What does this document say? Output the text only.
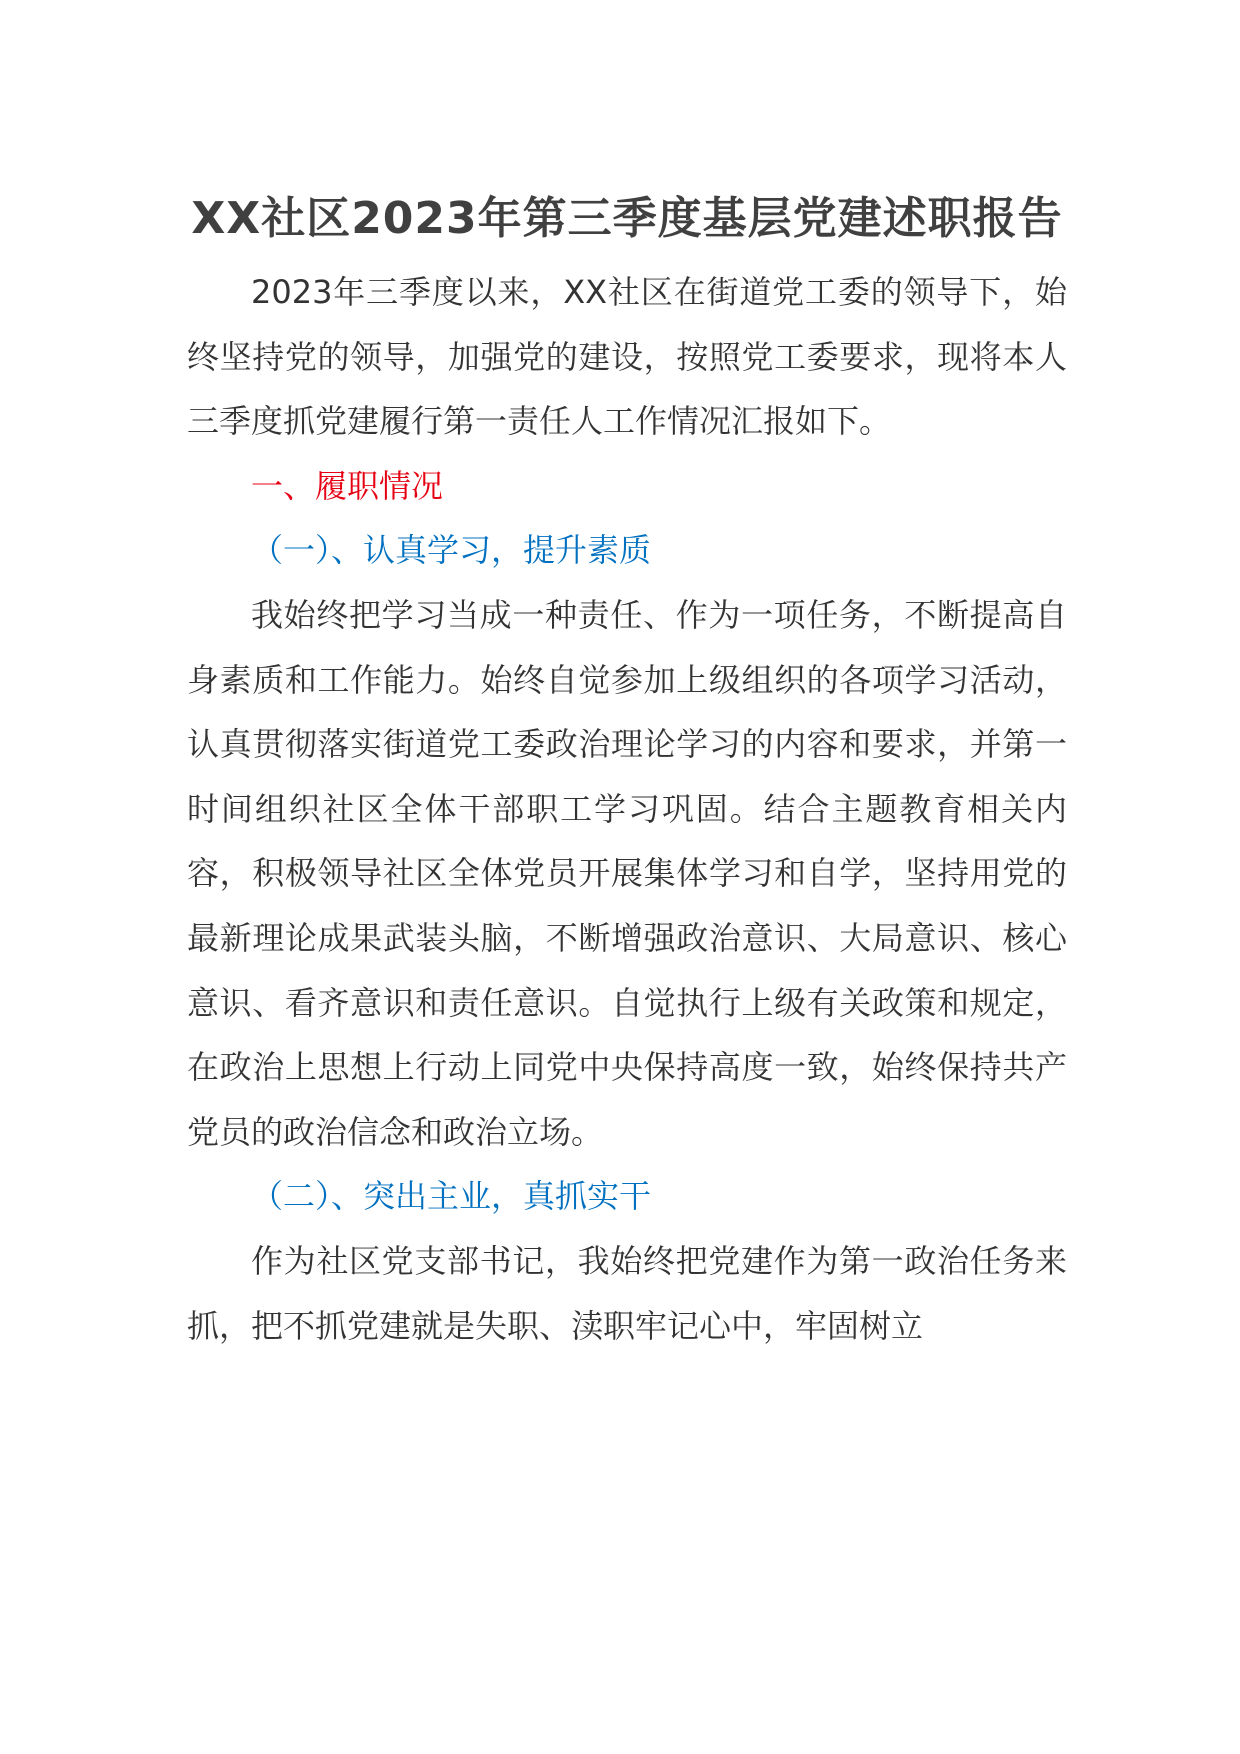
XX社区2023年第三季度基层党建述职报告

2023年三季度以来，XX社区在街道党工委的领导下，始终坚持党的领导，加强党的建设，按照党工委要求，现将本人三季度抓党建履行第一责任人工作情况汇报如下。

一、履职情况

（一）、认真学习，提升素质

我始终把学习当成一种责任、作为一项任务，不断提高自身素质和工作能力。始终自觉参加上级组织的各项学习活动，认真贯彻落实街道党工委政治理论学习的内容和要求，并第一时间组织社区全体干部职工学习巩固。结合主题教育相关内容，积极领导社区全体党员开展集体学习和自学，坚持用党的最新理论成果武装头脑，不断增强政治意识、大局意识、核心意识、看齐意识和责任意识。自觉执行上级有关政策和规定，在政治上思想上行动上同党中央保持高度一致，始终保持共产党员的政治信念和政治立场。

（二）、突出主业，真抓实干

作为社区党支部书记，我始终把党建作为第一政治任务来抓，把不抓党建就是失职、渎职牢记心中，牢固树立
